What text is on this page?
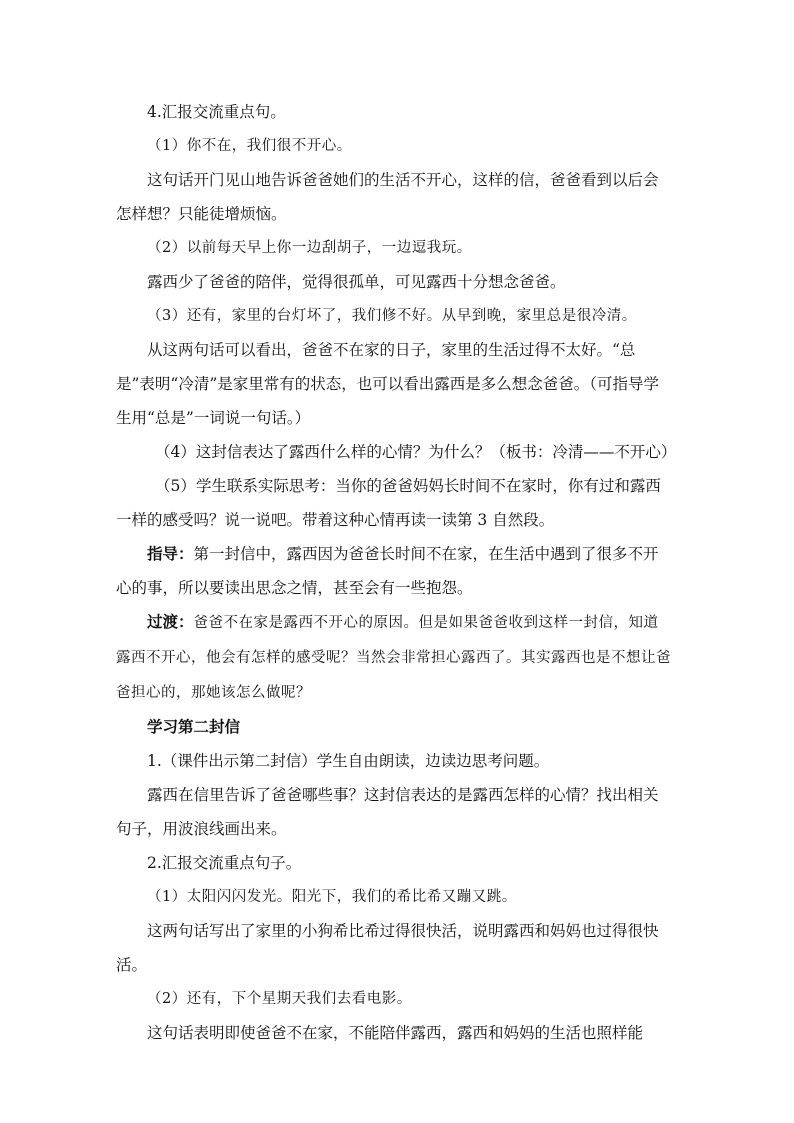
4.汇报交流重点句。

（1）你不在，我们很不开心。

这句话开门见山地告诉爸爸她们的生活不开心，这样的信，爸爸看到以后会怎样想？只能徒增烦恼。

（2）以前每天早上你一边刮胡子，一边逗我玩。

露西少了爸爸的陪伴，觉得很孤单，可见露西十分想念爸爸。

（3）还有，家里的台灯坏了，我们修不好。从早到晚，家里总是很冷清。

从这两句话可以看出，爸爸不在家的日子，家里的生活过得不太好。“总是”表明“冷清”是家里常有的状态，也可以看出露西是多么想念爸爸。（可指导学生用“总是”一词说一句话。）

（4）这封信表达了露西什么样的心情？为什么？（板书：冷清——不开心）

（5）学生联系实际思考：当你的爸爸妈妈长时间不在家时，你有过和露西一样的感受吗？说一说吧。带着这种心情再读一读第 3 自然段。

指导：第一封信中，露西因为爸爸长时间不在家，在生活中遇到了很多不开心的事，所以要读出思念之情，甚至会有一些抱怨。

过渡：爸爸不在家是露西不开心的原因。但是如果爸爸收到这样一封信，知道露西不开心，他会有怎样的感受呢？当然会非常担心露西了。其实露西也是不想让爸爸担心的，那她该怎么做呢？

学习第二封信

1.（课件出示第二封信）学生自由朗读，边读边思考问题。

露西在信里告诉了爸爸哪些事？这封信表达的是露西怎样的心情？找出相关句子，用波浪线画出来。

2.汇报交流重点句子。

（1）太阳闪闪发光。阳光下，我们的希比希又蹦又跳。

这两句话写出了家里的小狗希比希过得很快活，说明露西和妈妈也过得很快活。

（2）还有，下个星期天我们去看电影。

这句话表明即使爸爸不在家，不能陪伴露西，露西和妈妈的生活也照样能
